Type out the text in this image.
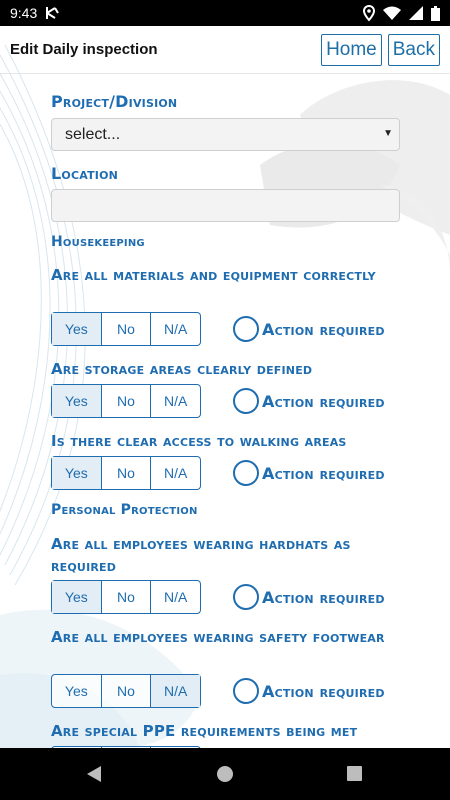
9:43
Edit Daily inspection	Home Back
Project/Division
select...	▼
Location
Housekeeping
Are all materials and equipment correctly
Yes	No	N/A	Action required
Are storage areas clearly defined
Yes	No	N/A	Action required
Is there clear access to walking areas
Yes	No	N/A	Action required
Personal Protection
Are all employees wearing hardhats as required
Yes	No	N/A	Action required
Are all employees wearing safety footwear
Yes	No	N/A	Action required
Are special PPE requirements being met
